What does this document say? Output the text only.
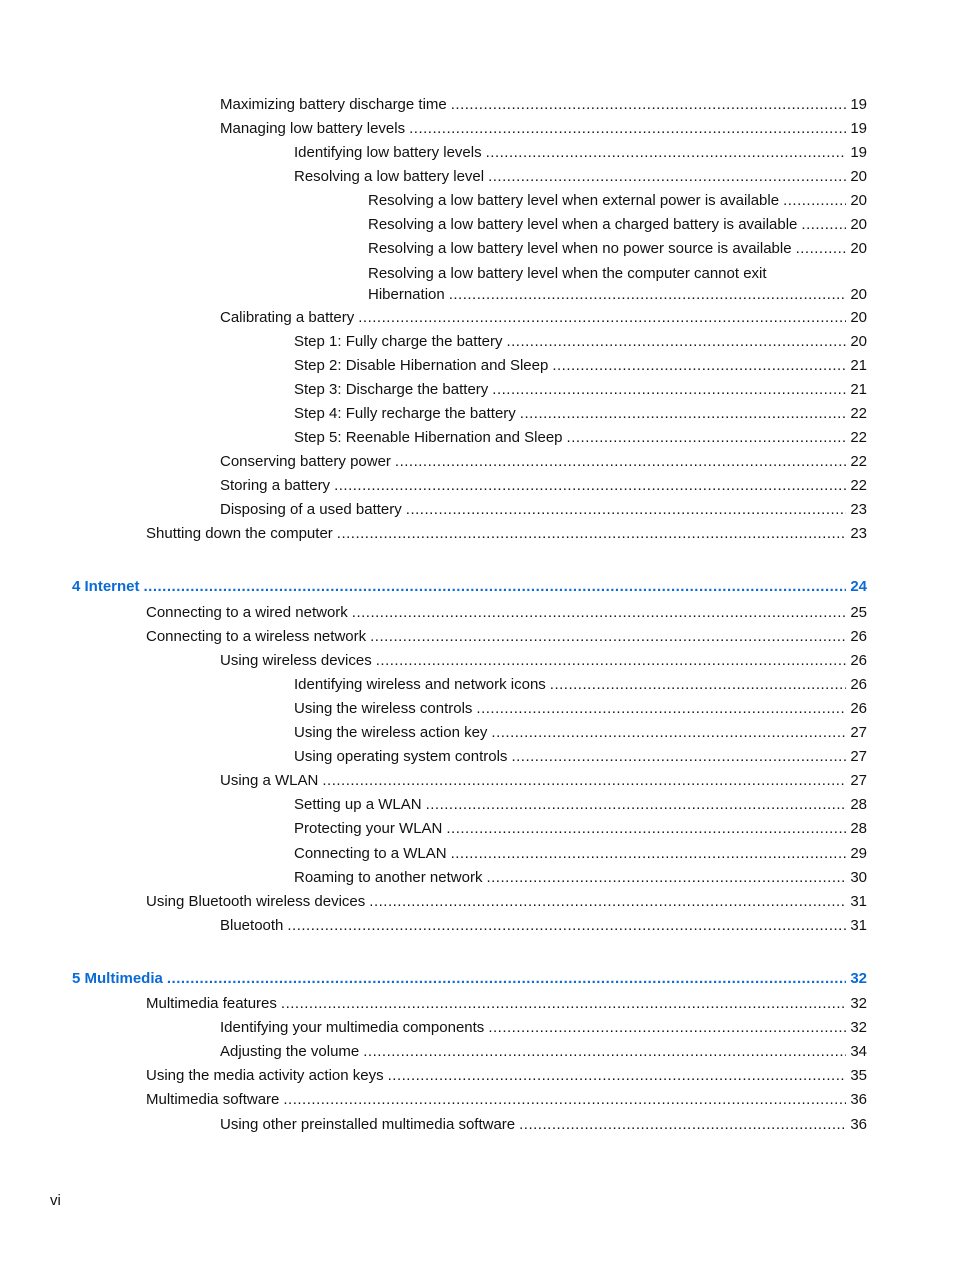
Maximizing battery discharge time .....	19
Managing low battery levels .....	19
Identifying low battery levels .....	19
Resolving a low battery level .....	20
Resolving a low battery level when external power is available .....	20
Resolving a low battery level when a charged battery is available .....	20
Resolving a low battery level when no power source is available .....	20
Resolving a low battery level when the computer cannot exit
Hibernation .....	20
Calibrating a battery .....	20
Step 1: Fully charge the battery .....	20
Step 2: Disable Hibernation and Sleep .....	21
Step 3: Discharge the battery .....	21
Step 4: Fully recharge the battery .....	22
Step 5: Reenable Hibernation and Sleep .....	22
Conserving battery power .....	22
Storing a battery .....	22
Disposing of a used battery .....	23
Shutting down the computer .....	23
4 Internet .....	24
Connecting to a wired network .....	25
Connecting to a wireless network .....	26
Using wireless devices .....	26
Identifying wireless and network icons .....	26
Using the wireless controls .....	26
Using the wireless action key .....	27
Using operating system controls .....	27
Using a WLAN .....	27
Setting up a WLAN .....	28
Protecting your WLAN .....	28
Connecting to a WLAN .....	29
Roaming to another network .....	30
Using Bluetooth wireless devices .....	31
Bluetooth .....	31
5 Multimedia .....	32
Multimedia features .....	32
Identifying your multimedia components .....	32
Adjusting the volume .....	34
Using the media activity action keys .....	35
Multimedia software .....	36
Using other preinstalled multimedia software .....	36
vi
